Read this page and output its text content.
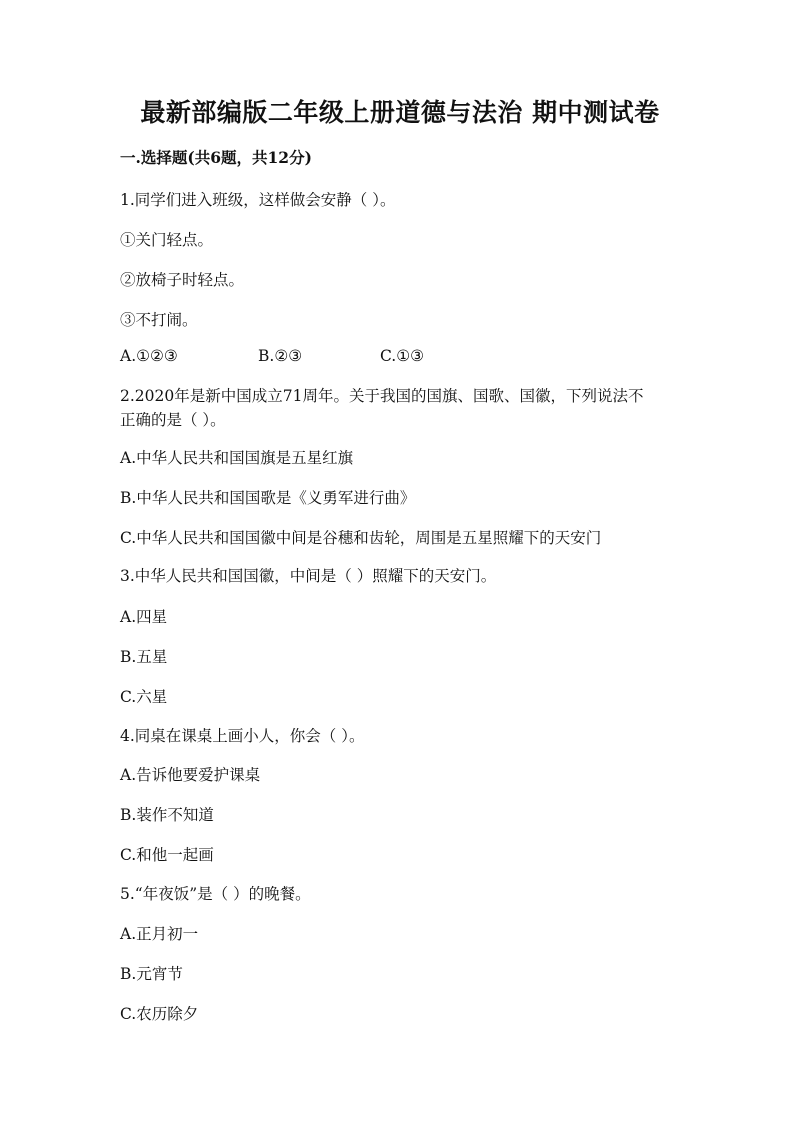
最新部编版二年级上册道德与法治 期中测试卷
一.选择题(共6题，共12分)

1.同学们进入班级，这样做会安静（ ）。

①关门轻点。

②放椅子时轻点。

③不打闹。

A.①②③	B.②③	C.①③

2.2020年是新中国成立71周年。关于我国的国旗、国歌、国徽，下列说法不

正确的是（ ）。

A.中华人民共和国国旗是五星红旗

B.中华人民共和国国歌是《义勇军进行曲》

C.中华人民共和国国徽中间是谷穗和齿轮，周围是五星照耀下的天安门

3.中华人民共和国国徽，中间是（ ）照耀下的天安门。

A.四星

B.五星

C.六星

4.同桌在课桌上画小人，你会（ ）。

A.告诉他要爱护课桌

B.装作不知道

C.和他一起画

5.“年夜饭”是（ ）的晚餐。

A.正月初一

B.元宵节

C.农历除夕
